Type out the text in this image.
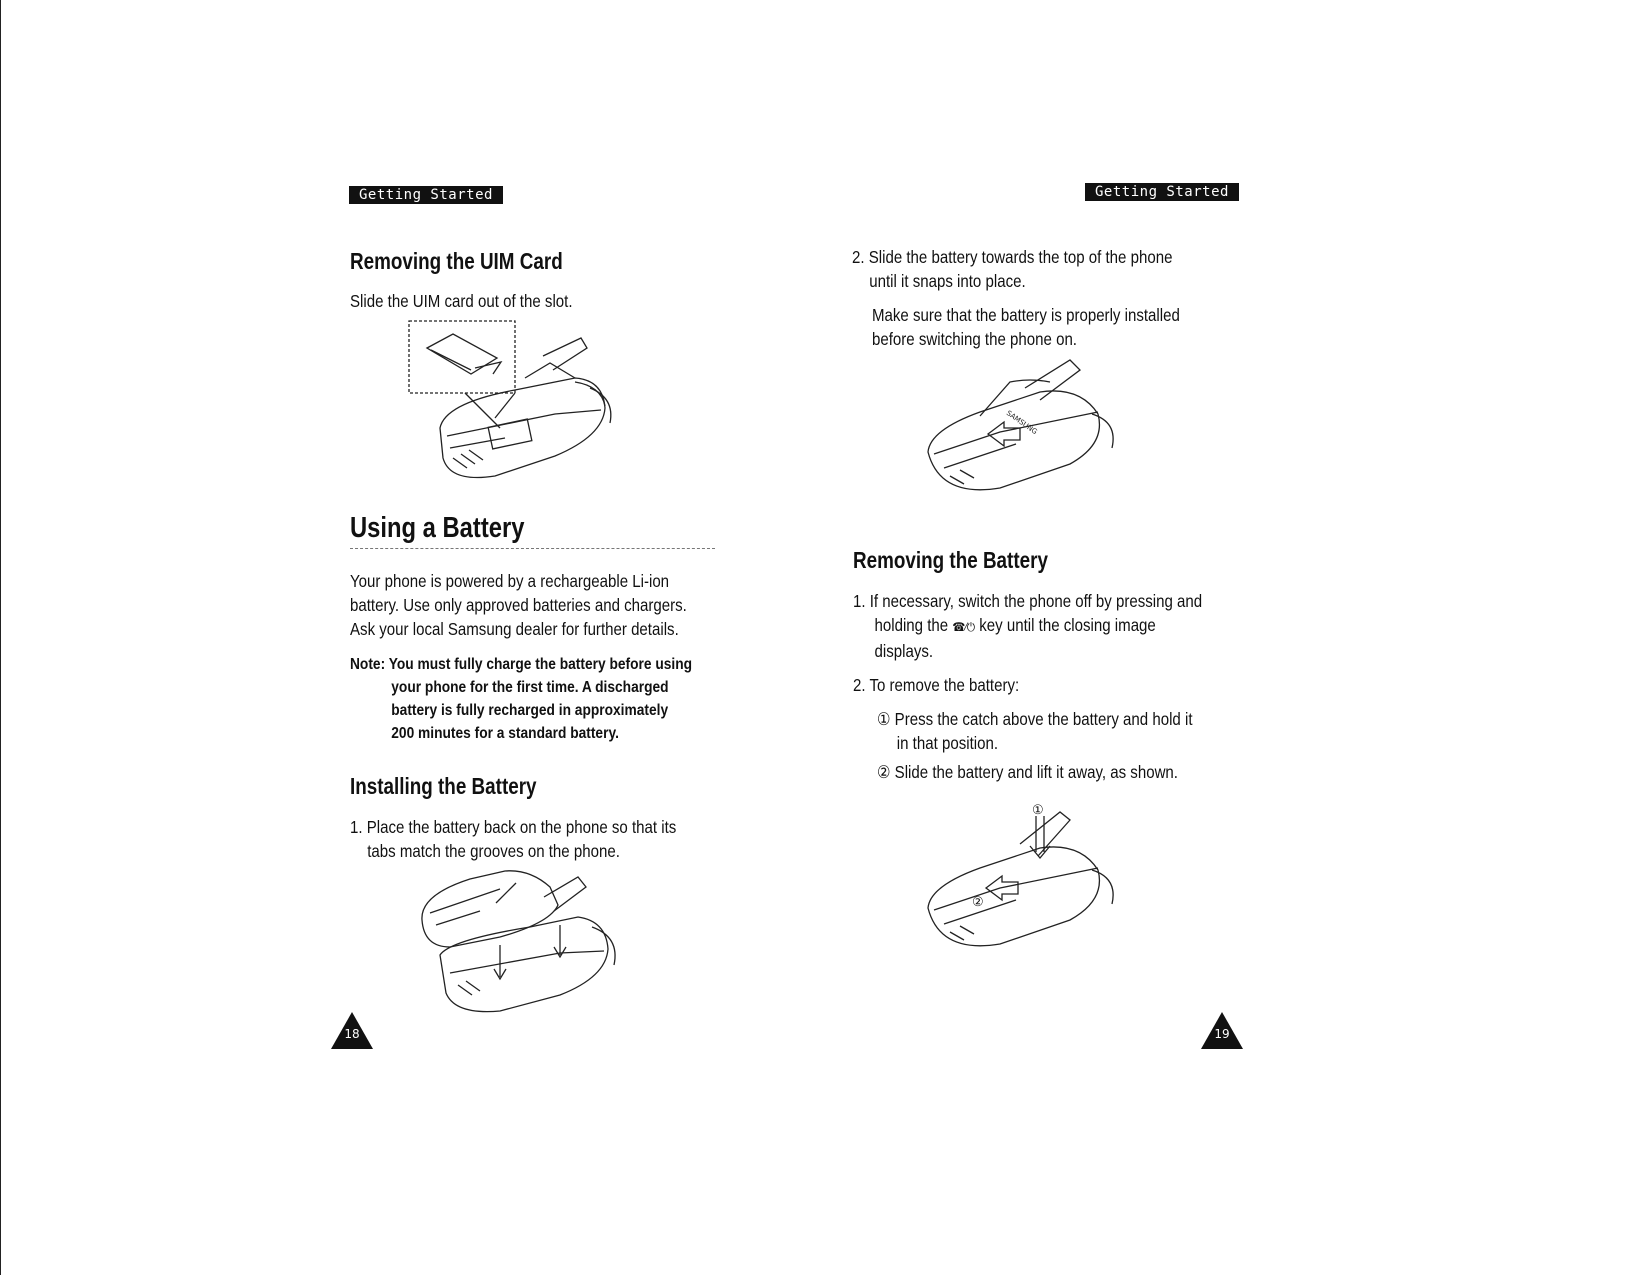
Getting Started	Getting Started
Removing the UIM Card
Slide the UIM card out of the slot.
Using a Battery
Your phone is powered by a rechargeable Li-ion
battery. Use only approved batteries and chargers.
Ask your local Samsung dealer for further details.
Note: You must fully charge the battery before using
your phone for the first time. A discharged
battery is fully recharged in approximately
200 minutes for a standard battery.
Installing the Battery
1. Place the battery back on the phone so that its
tabs match the grooves on the phone.
18
2. Slide the battery towards the top of the phone
until it snaps into place.
Make sure that the battery is properly installed
before switching the phone on.
SAMSUNG
Removing the Battery
1. If necessary, switch the phone off by pressing and
holding the ☎⁄⏻ key until the closing image
displays.
2. To remove the battery:
① Press the catch above the battery and hold it
in that position.
② Slide the battery and lift it away, as shown.
①
②
19
